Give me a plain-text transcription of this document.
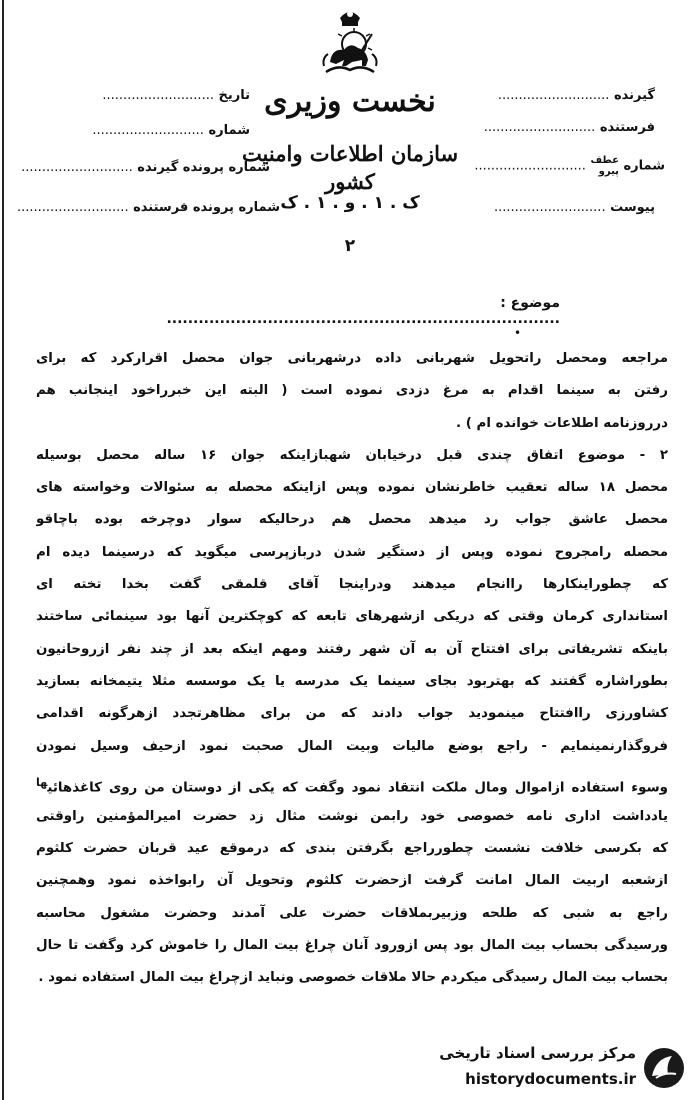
نخست وزیری
سازمان اطلاعات وامنیت کشور
ک . ۱ . و . ۱ . ک
۲
گیرنده ...........................
فرستنده ...........................
شماره عطف
پیرو ...........................
پیوست ...........................
تاریخ ...........................
شماره ...........................
شماره پرونده گیرنده ...........................
شماره پرونده فرستنده ...........................
موضوع : ..........................................................................
•
مراجعه ومحصل راتحویل شهربانی داده درشهربانی جوان محصل اقرارکرد که برای
رفتن به سینما اقدام به مرغ دزدی نموده است ( البته این خبرراخود اینجانب هم
درروزنامه اطلاعات خوانده ام ) .
۲ - موضوع اتفاق چندی قبل درخیابان شهبازاینکه جوان ۱۶ ساله محصل بوسیله
محصل ۱۸ ساله تعقیب خاطرنشان نموده وپس ازاینکه محصله به سئوالات وخواسته های
محصل عاشق جواب رد میدهد محصل هم درحالیکه سوار دوچرخه بوده باچاقو
محصله رامجروح نموده وپس از دستگیر شدن دربازپرسی میگوید که درسینما دیده ام
که چطوراینکارها راانجام میدهند ودراینجا آقای قلمقی گفت بخدا تخته ای
استانداری کرمان وقتی که دریکی ازشهرهای تابعه که کوچکترین آنها بود سینمائی ساختند
باینکه تشریفاتی برای افتتاح آن به آن شهر رفتند ومهم اینکه بعد از چند نفر ازروحانیون
بطوراشاره گفتند که بهتربود بجای سینما یک مدرسه یا یک موسسه مثلا یتیمخانه بسازید
کشاورزی راافتتاح مینمودید جواب دادند که من برای مظاهرتجدد ازهرگونه اقدامی
فروگذارنمینمایم - راجع بوضع مالیات وبیت المال صحبت نمود ازحیف وسیل نمودن
وسوء استفاده ازاموال ومال ملکت انتقاد نمود وگفت که یکی از دوستان من روی کاغذهائی$^{ها}$
یادداشت اداری نامه خصوصی خود رابمن نوشت مثال زد حضرت امیرالمؤمنین راوقتی
که بکرسی خلافت نشست چطورراجع بگرفتن بندی که درموقع عید قربان حضرت کلثوم
ازشعبه اربیت المال امانت گرفت ازحضرت کلثوم وتحویل آن رابواخذه نمود وهمچنین
راجع به شبی که طلحه وزبیربملاقات حضرت علی آمدند وحضرت مشغول محاسبه
ورسیدگی بحساب بیت المال بود پس ازورود آنان چراغ بیت المال را خاموش کرد وگفت تا حال
بحساب بیت المال رسیدگی میکردم حالا ملاقات خصوصی ونباید ازچراغ بیت المال استفاده نمود .
مرکز بررسی اسناد تاریخی
historydocuments.ir
